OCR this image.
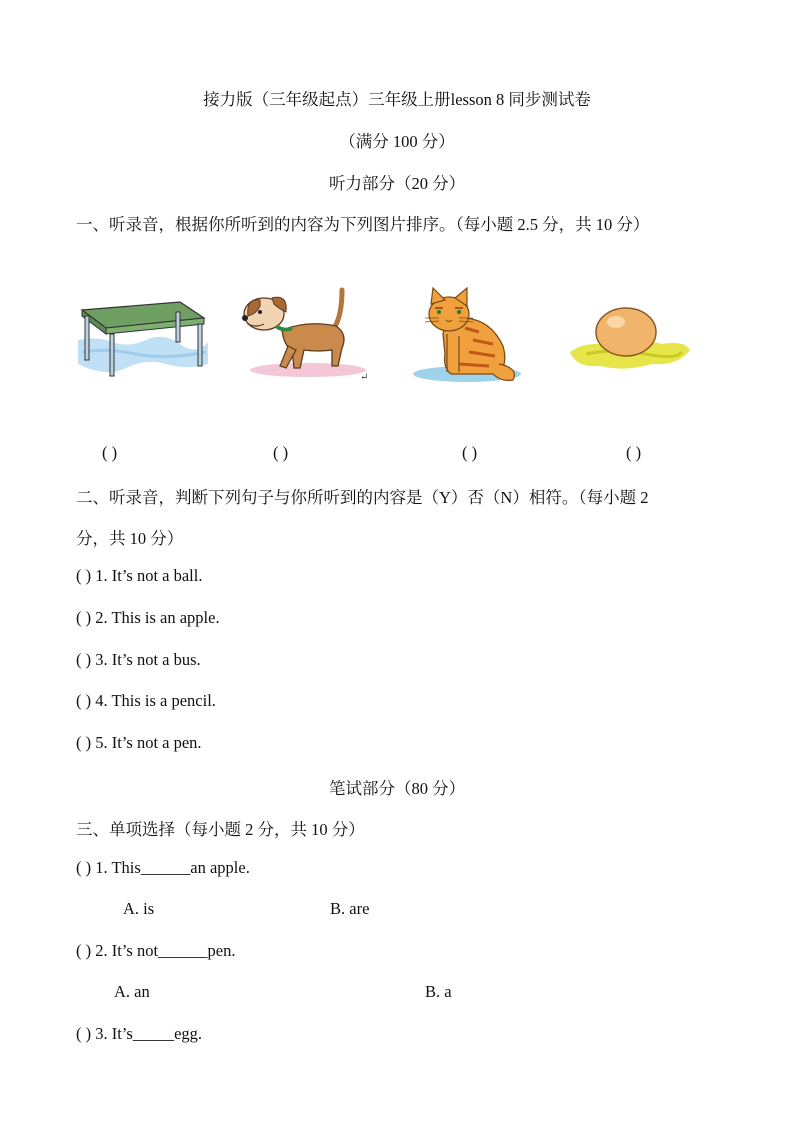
接力版（三年级起点）三年级上册lesson 8 同步测试卷
（满分 100 分）
听力部分（20 分）
一、听录音，根据你所听到的内容为下列图片排序。（每小题 2.5 分，共 10 分）
↵
( )	( )	( )	( )
二、听录音，判断下列句子与你所听到的内容是（Y）否（N）相符。（每小题 2
分，共 10 分）
( ) 1. It’s not a ball.
( ) 2. This is an apple.
( ) 3. It’s not a bus.
( ) 4. This is a pencil.
( ) 5. It’s not a pen.
笔试部分（80 分）
三、单项选择（每小题 2 分，共 10 分）
( ) 1. This______an apple.
A. is	B. are
( ) 2. It’s not______pen.
A. an	B. a
( ) 3. It’s_____egg.
